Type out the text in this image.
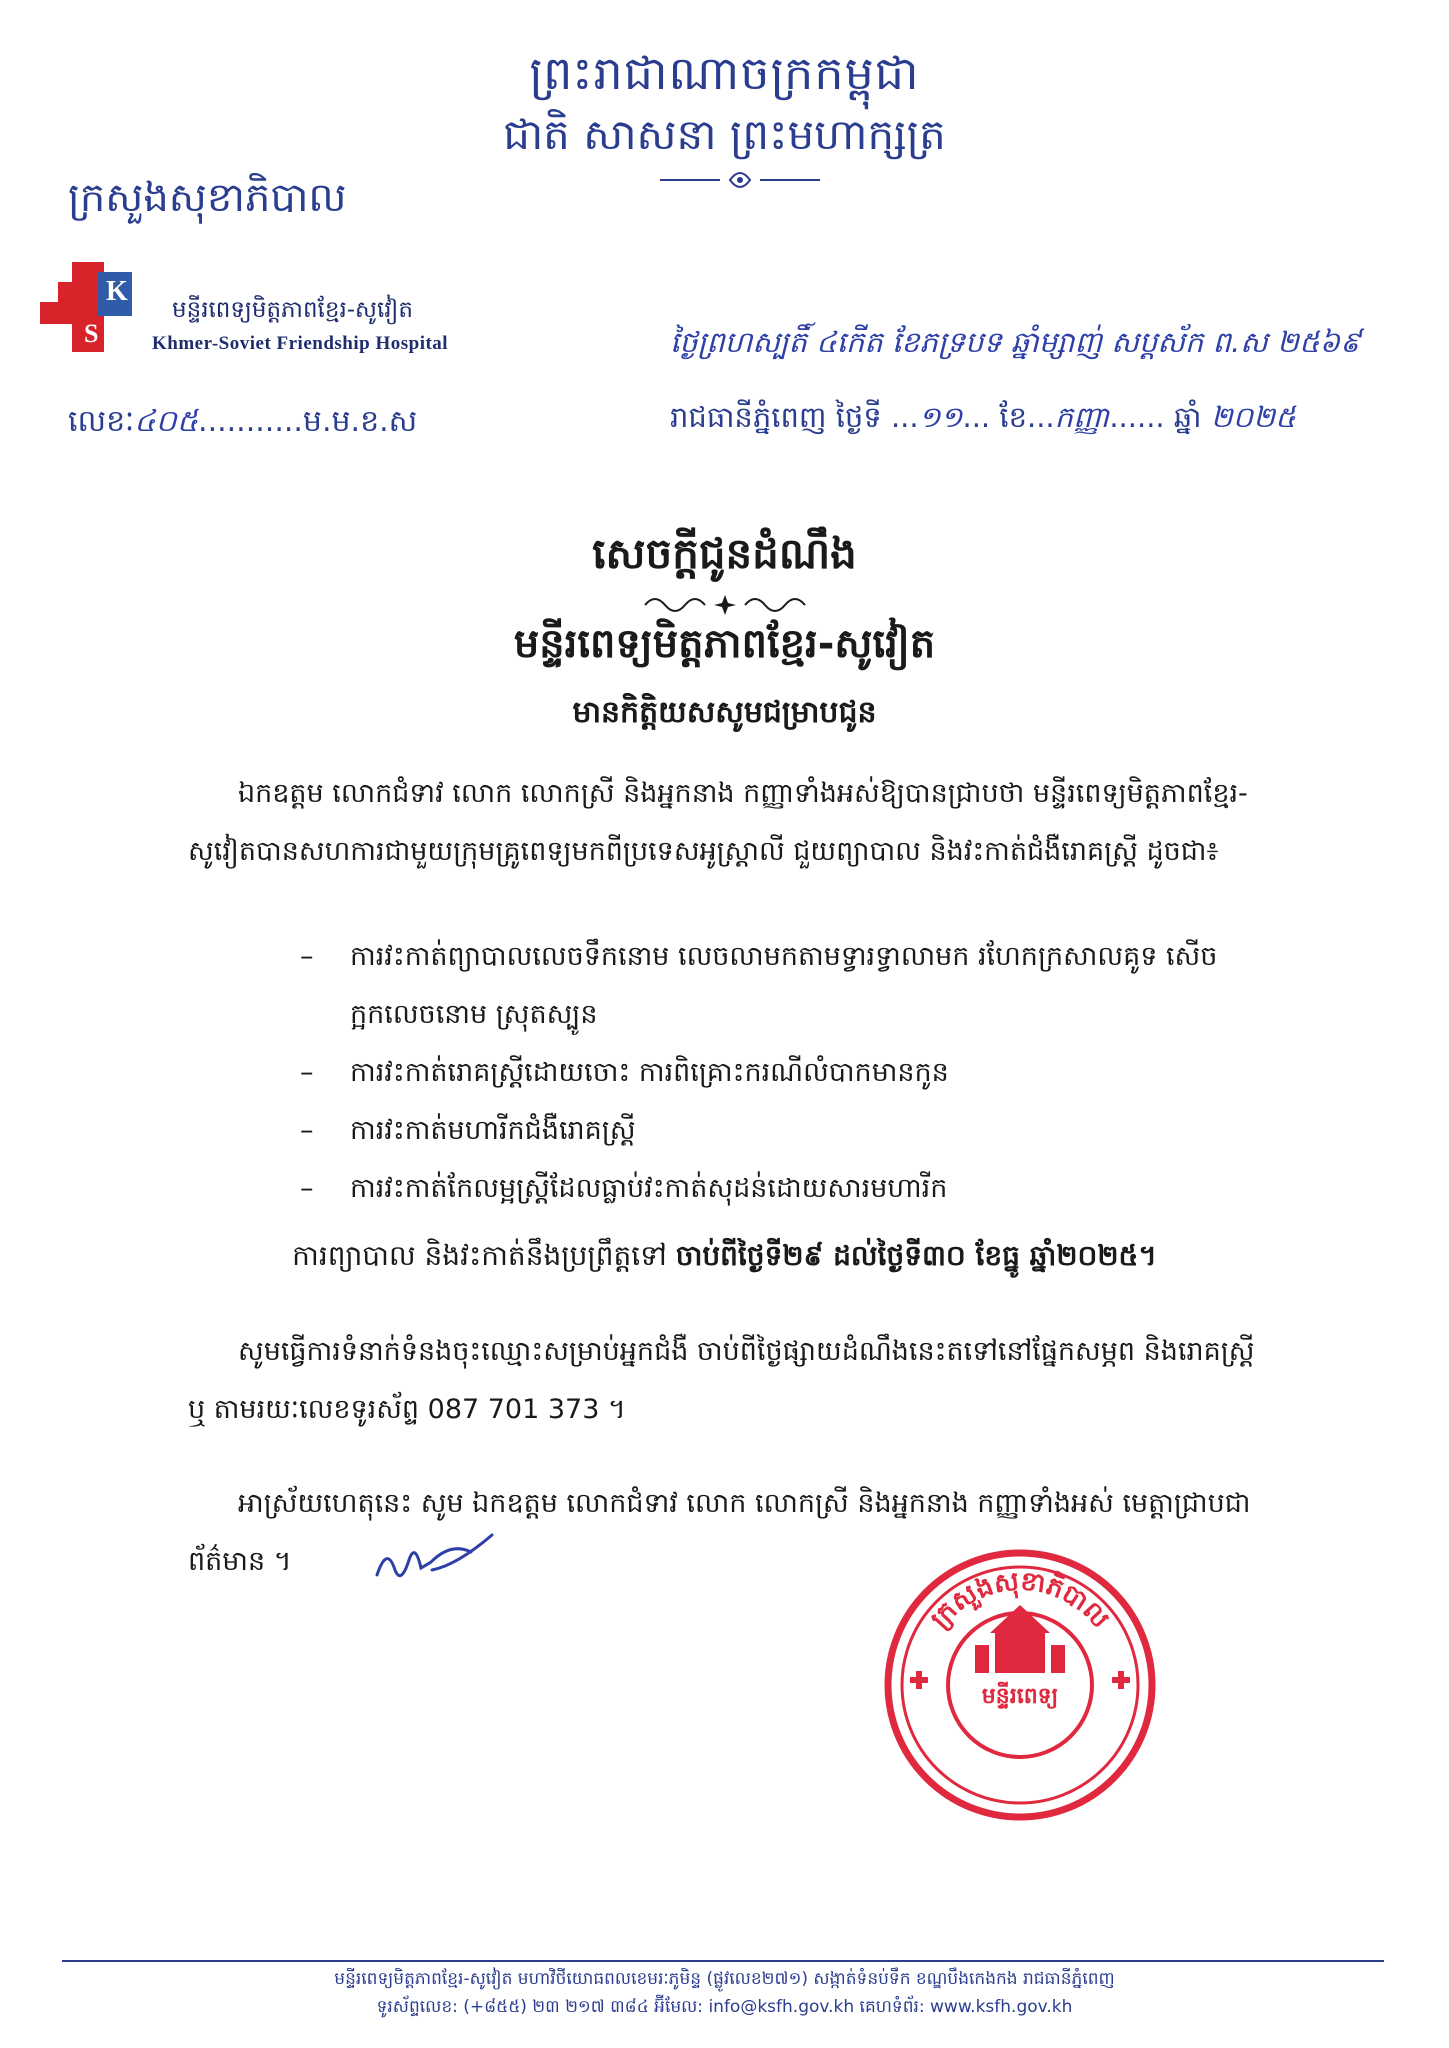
ព្រះរាជាណាចក្រកម្ពុជា
ជាតិ សាសនា ព្រះមហាក្សត្រ
ក្រសួងសុខាភិបាល
K
S
មន្ទីរពេទ្យមិត្តភាពខ្មែរ-សូវៀត
Khmer-Soviet Friendship Hospital
លេខៈ៤០៥...........ម.ម.ខ.ស
ថ្ងៃព្រហស្បតិ៍ ៤កើត ខែភទ្របទ ឆ្នាំម្សាញ់ សប្តស័ក ព.ស ២៥៦៩
រាជធានីភ្នំពេញ ថ្ងៃទី ...១១... ខែ...កញ្ញា...... ឆ្នាំ ២០២៥
សេចក្តីជូនដំណឹង
មន្ទីរពេទ្យមិត្តភាពខ្មែរ-សូវៀត
មានកិត្តិយសសូមជម្រាបជូន
ឯកឧត្តម លោកជំទាវ លោក លោកស្រី និងអ្នកនាង កញ្ញាទាំងអស់ឱ្យបានជ្រាបថា មន្ទីរពេទ្យមិត្តភាពខ្មែរ-សូវៀតបានសហការជាមួយក្រុមគ្រូពេទ្យមកពីប្រទេសអូស្ត្រាលី ជួយព្យាបាល និងវះកាត់ជំងឺរោគស្ត្រី ដូចជា៖
– ការវះកាត់ព្យាបាលលេចទឹកនោម លេចលាមកតាមទ្វារទ្វាលាមក រហែកក្រសាលគូទ សើចក្អកលេចនោម ស្រុតស្បូន
– ការវះកាត់រោគស្ត្រីដោយចោះ ការពិគ្រោះករណីលំបាកមានកូន
– ការវះកាត់មហារីកជំងឺរោគស្ត្រី
– ការវះកាត់កែលម្អស្ត្រីដែលធ្លាប់វះកាត់សុដន់ដោយសារមហារីក
ការព្យាបាល និងវះកាត់នឹងប្រព្រឹត្តទៅ ចាប់ពីថ្ងៃទី២៩ ដល់ថ្ងៃទី៣០ ខែធ្នូ ឆ្នាំ២០២៥។
សូមធ្វើការទំនាក់ទំនងចុះឈ្មោះសម្រាប់អ្នកជំងឺ ចាប់ពីថ្ងៃផ្សាយដំណឹងនេះតទៅនៅផ្នែកសម្ភព និងរោគស្ត្រី ឬ តាមរយៈលេខទូរស័ព្ទ 087 701 373 ។
អាស្រ័យហេតុនេះ សូម ឯកឧត្តម លោកជំទាវ លោក លោកស្រី និងអ្នកនាង កញ្ញាទាំងអស់ មេត្តាជ្រាបជាព័ត៌មាន ។
ក្រសួងសុខាភិបាល
មន្ទីរពេទ្យ
មន្ទីរពេទ្យមិត្តភាពខ្មែរ-សូវៀត មហាវិថីយោធពលខេមរៈភូមិន្ទ (ផ្លូវលេខ២៧១) សង្កាត់ទំនប់ទឹក ខណ្ឌបឹងកេងកង រាជធានីភ្នំពេញ
ទូរស័ព្ទលេខ: (+៨៥៥) ២៣ ២១៧ ៣៨៤ អ៊ីមែល: info@ksfh.gov.kh គេហទំព័រ: www.ksfh.gov.kh
